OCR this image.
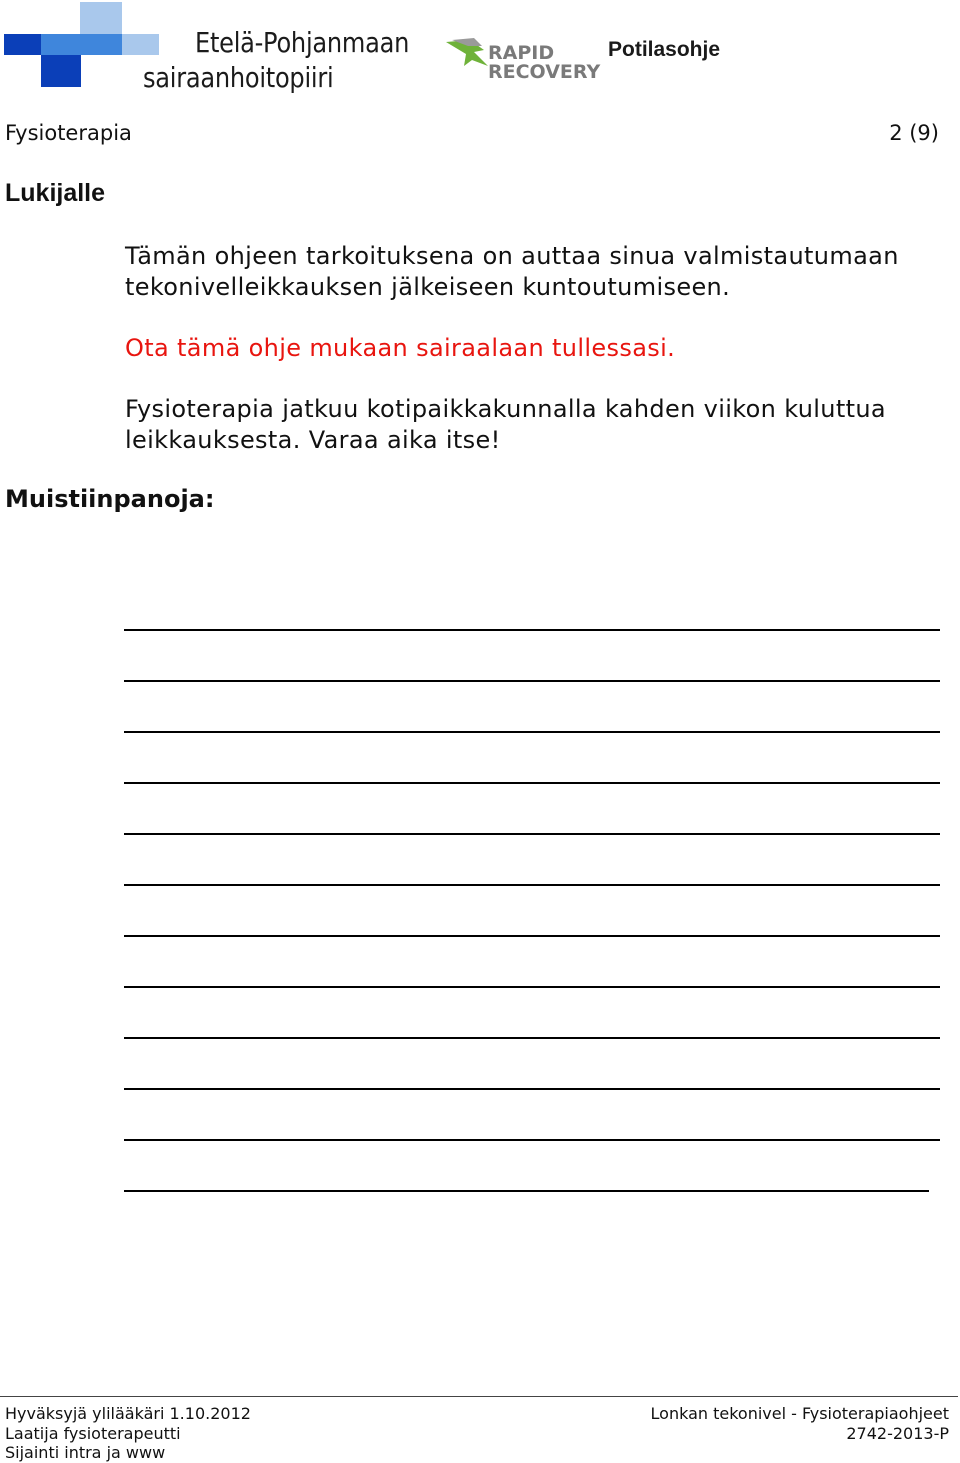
Etelä-Pohjanmaan
sairaanhoitopiiri
RAPID
RECOVERY
Potilasohje
Fysioterapia	2 (9)
Lukijalle
Tämän ohjeen tarkoituksena on auttaa sinua valmistautumaan tekonivelleikkauksen jälkeiseen kuntoutumiseen.
Ota tämä ohje mukaan sairaalaan tullessasi.
Fysioterapia jatkuu kotipaikkakunnalla kahden viikon kuluttua leikkauksesta. Varaa aika itse!
Muistiinpanoja:
Hyväksyjä ylilääkäri 1.10.2012
Laatija fysioterapeutti
Sijainti intra ja www
Lonkan tekonivel - Fysioterapiaohjeet
2742-2013-P
